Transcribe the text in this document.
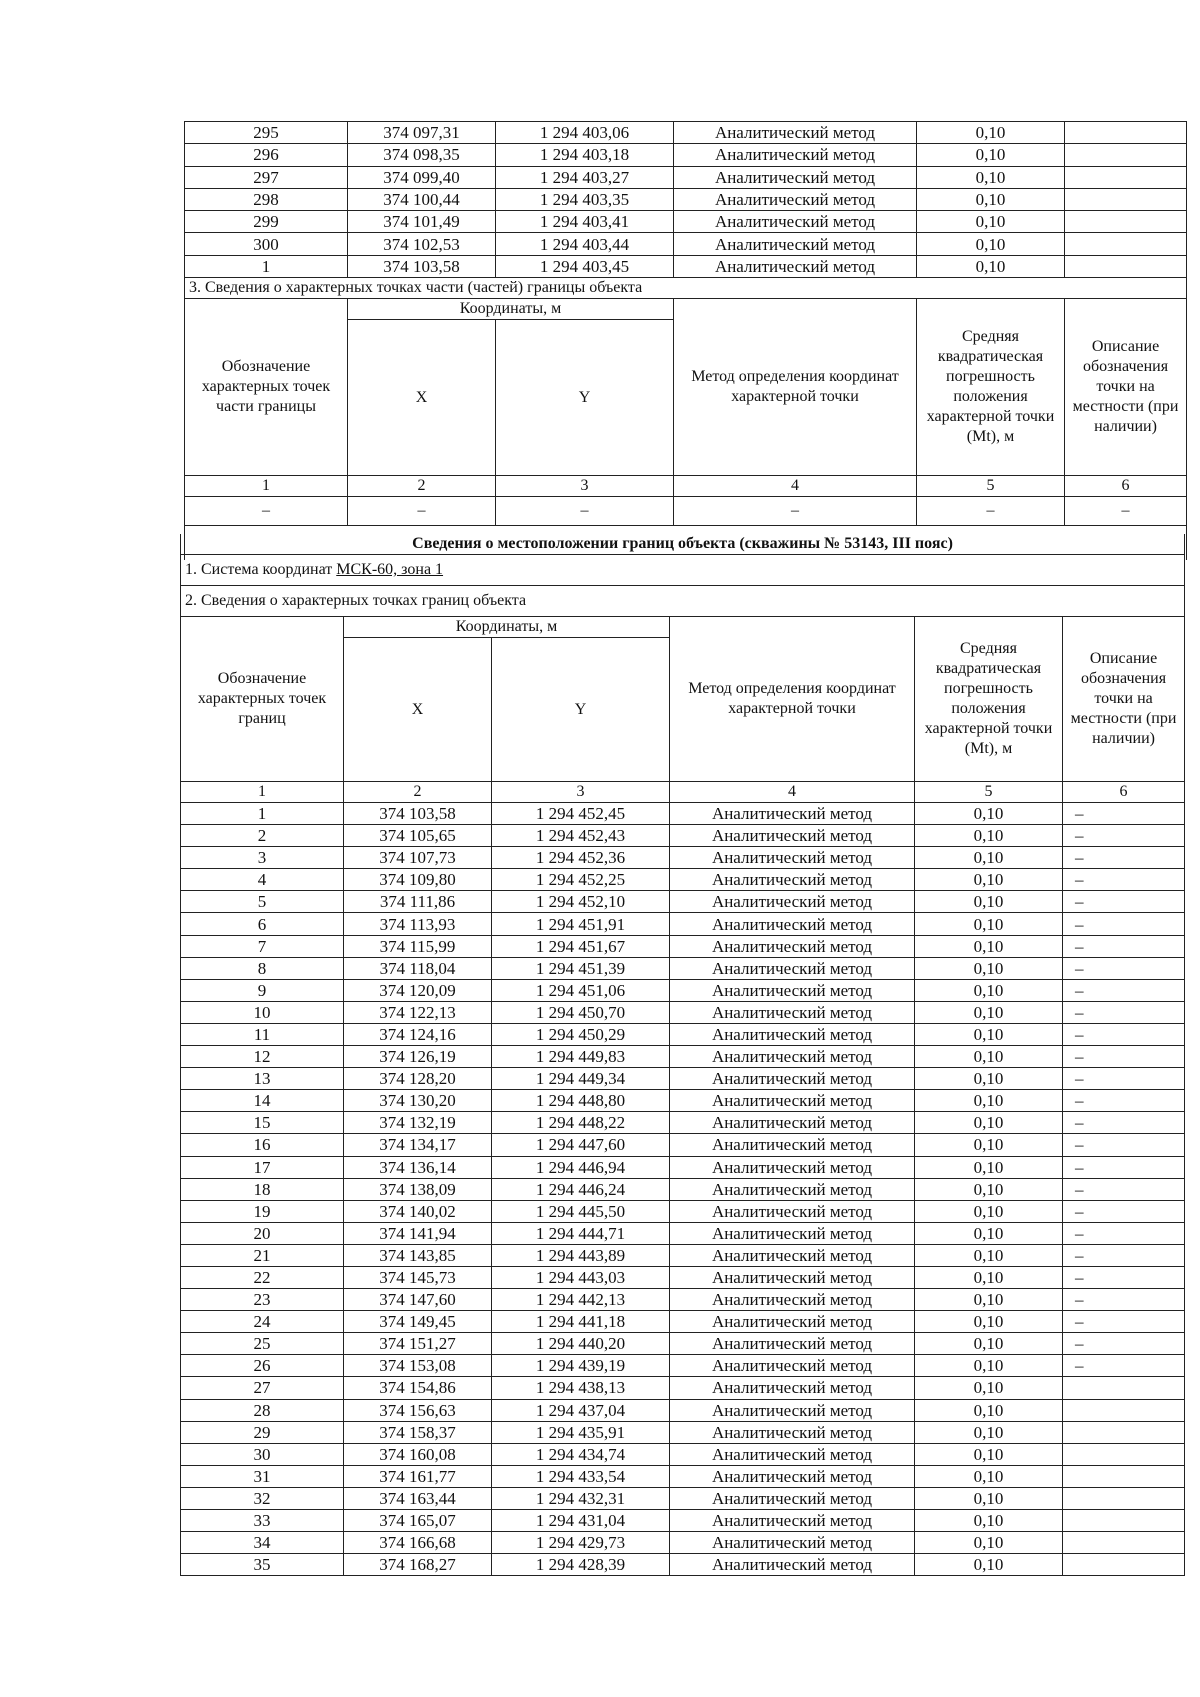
295	374 097,31	1 294 403,06	Аналитический метод	0,10	
296	374 098,35	1 294 403,18	Аналитический метод	0,10	
297	374 099,40	1 294 403,27	Аналитический метод	0,10	
298	374 100,44	1 294 403,35	Аналитический метод	0,10	
299	374 101,49	1 294 403,41	Аналитический метод	0,10	
300	374 102,53	1 294 403,44	Аналитический метод	0,10	
1	374 103,58	1 294 403,45	Аналитический метод	0,10	
3. Сведения о характерных точках части (частей) границы объекта					
Обозначение характерных точек части границы	Координаты, м		Метод определения координат характерной точки	Средняя квадратическая погрешность положения характерной точки (Мt), м	Описание обозначения точки на местности (при наличии)
	X	Y			
1	2	3	4	5	6
–	–	–	–	–	–

Сведения о местоположении границ объекта (скважины № 53143, III пояс)					
1. Система координат МСК-60, зона 1					
2. Сведения о характерных точках границ объекта					
Обозначение характерных точек границ	Координаты, м		Метод определения координат характерной точки	Средняя квадратическая погрешность положения характерной точки (Мt), м	Описание обозначения точки на местности (при наличии)
	X	Y			
1	2	3	4	5	6
1	374 103,58	1 294 452,45	Аналитический метод	0,10	–
2	374 105,65	1 294 452,43	Аналитический метод	0,10	–
3	374 107,73	1 294 452,36	Аналитический метод	0,10	–
4	374 109,80	1 294 452,25	Аналитический метод	0,10	–
5	374 111,86	1 294 452,10	Аналитический метод	0,10	–
6	374 113,93	1 294 451,91	Аналитический метод	0,10	–
7	374 115,99	1 294 451,67	Аналитический метод	0,10	–
8	374 118,04	1 294 451,39	Аналитический метод	0,10	–
9	374 120,09	1 294 451,06	Аналитический метод	0,10	–
10	374 122,13	1 294 450,70	Аналитический метод	0,10	–
11	374 124,16	1 294 450,29	Аналитический метод	0,10	–
12	374 126,19	1 294 449,83	Аналитический метод	0,10	–
13	374 128,20	1 294 449,34	Аналитический метод	0,10	–
14	374 130,20	1 294 448,80	Аналитический метод	0,10	–
15	374 132,19	1 294 448,22	Аналитический метод	0,10	–
16	374 134,17	1 294 447,60	Аналитический метод	0,10	–
17	374 136,14	1 294 446,94	Аналитический метод	0,10	–
18	374 138,09	1 294 446,24	Аналитический метод	0,10	–
19	374 140,02	1 294 445,50	Аналитический метод	0,10	–
20	374 141,94	1 294 444,71	Аналитический метод	0,10	–
21	374 143,85	1 294 443,89	Аналитический метод	0,10	–
22	374 145,73	1 294 443,03	Аналитический метод	0,10	–
23	374 147,60	1 294 442,13	Аналитический метод	0,10	–
24	374 149,45	1 294 441,18	Аналитический метод	0,10	–
25	374 151,27	1 294 440,20	Аналитический метод	0,10	–
26	374 153,08	1 294 439,19	Аналитический метод	0,10	–
27	374 154,86	1 294 438,13	Аналитический метод	0,10	
28	374 156,63	1 294 437,04	Аналитический метод	0,10	
29	374 158,37	1 294 435,91	Аналитический метод	0,10	
30	374 160,08	1 294 434,74	Аналитический метод	0,10	
31	374 161,77	1 294 433,54	Аналитический метод	0,10	
32	374 163,44	1 294 432,31	Аналитический метод	0,10	
33	374 165,07	1 294 431,04	Аналитический метод	0,10	
34	374 166,68	1 294 429,73	Аналитический метод	0,10	
35	374 168,27	1 294 428,39	Аналитический метод	0,10	
